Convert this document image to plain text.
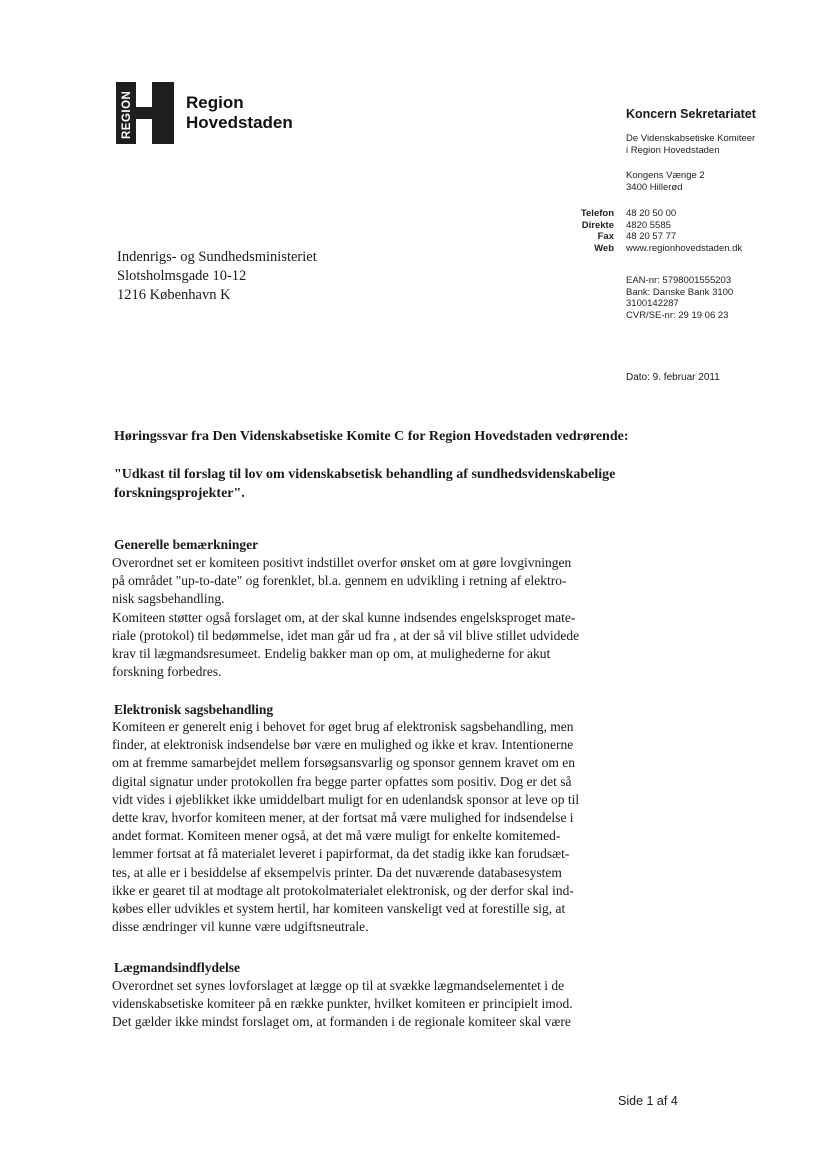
REGION	Region
Hovedstaden	Koncern Sekretariatet
De Videnskabsetiske Komiteer
i Region Hovedstaden
Kongens Vænge 2
3400 Hillerød
Telefon
Direkte
Fax
Web
48 20 50 00
4820 5585
48 20 57 77
www.regionhovedstaden.dk
EAN-nr: 5798001555203
Bank: Danske Bank 3100
3100142287
CVR/SE-nr: 29 19 06 23
Indenrigs- og Sundhedsministeriet
Slotsholmsgade 10-12
1216 København K
Dato: 9. februar 2011
Høringssvar fra Den Videnskabsetiske Komite C for Region Hovedstaden vedrørende:
"Udkast til forslag til lov om videnskabsetisk behandling af sundhedsvidenskabelige
forskningsprojekter".
Generelle bemærkninger
Overordnet set er komiteen positivt indstillet overfor ønsket om at gøre lovgivningen
på området "up-to-date" og forenklet, bl.a. gennem en udvikling i retning af elektro-
nisk sagsbehandling.
Komiteen støtter også forslaget om, at der skal kunne indsendes engelsksproget mate-
riale (protokol) til bedømmelse, idet man går ud fra , at der så vil blive stillet udvidede
krav til lægmandsresumeet. Endelig bakker man op om, at mulighederne for akut
forskning forbedres.
Elektronisk sagsbehandling
Komiteen er generelt enig i behovet for øget brug af elektronisk sagsbehandling, men
finder, at elektronisk indsendelse bør være en mulighed og ikke et krav. Intentionerne
om at fremme samarbejdet mellem forsøgsansvarlig og sponsor gennem kravet om en
digital signatur under protokollen fra begge parter opfattes som positiv. Dog er det så
vidt vides i øjeblikket ikke umiddelbart muligt for en udenlandsk sponsor at leve op til
dette krav, hvorfor komiteen mener, at der fortsat må være mulighed for indsendelse i
andet format. Komiteen mener også, at det må være muligt for enkelte komitemed-
lemmer fortsat at få materialet leveret i papirformat, da det stadig ikke kan forudsæt-
tes, at alle er i besiddelse af eksempelvis printer. Da det nuværende databasesystem
ikke er gearet til at modtage alt protokolmaterialet elektronisk, og der derfor skal ind-
købes eller udvikles et system hertil, har komiteen vanskeligt ved at forestille sig, at
disse ændringer vil kunne være udgiftsneutrale.
Lægmandsindflydelse
Overordnet set synes lovforslaget at lægge op til at svække lægmandselementet i de
videnskabsetiske komiteer på en række punkter, hvilket komiteen er principielt imod.
Det gælder ikke mindst forslaget om, at formanden i de regionale komiteer skal være
Side 1 af 4
